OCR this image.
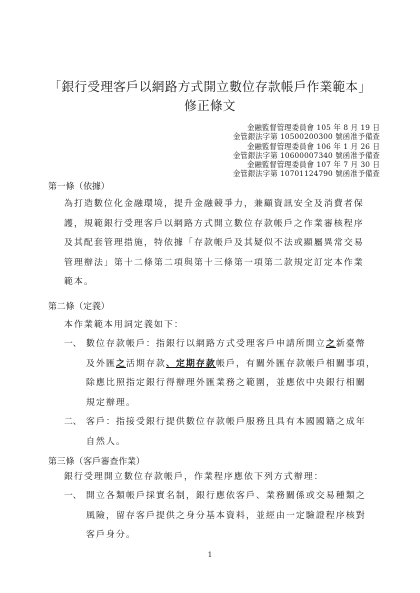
「銀行受理客戶以網路方式開立數位存款帳戶作業範本」
修正條文
金融監督管理委員會 105 年 8 月 19 日
金管銀法字第 10500200300 號函准予備查
金融監督管理委員會 106 年 1 月 26 日
金管銀法字第 10600007340 號函准予備查
金融監督管理委員會 107 年 7 月 30 日
金管銀法字第 10701124790 號函准予備查
第一條（依據）
為打造數位化金融環境，提升金融競爭力，兼顧資訊安全及消費者保
護，規範銀行受理客戶以網路方式開立數位存款帳戶之作業審核程序
及其配套管理措施，特依據「存款帳戶及其疑似不法或顯屬異常交易
管理辦法」第十二條第二項與第十三條第一項第二款規定訂定本作業
範本。
第二條（定義）
本作業範本用詞定義如下：
一、 數位存款帳戶：指銀行以網路方式受理客戶申請所開立之新臺幣
及外匯之活期存款、定期存款帳戶，有關外匯存款帳戶相關事項，
除應比照指定銀行得辦理外匯業務之範圍，並應依中央銀行相關
規定辦理。
二、 客戶：指接受銀行提供數位存款帳戶服務且具有本國國籍之成年
自然人。
第三條（客戶審查作業）
銀行受理開立數位存款帳戶，作業程序應依下列方式辦理：
一、 開立各類帳戶採實名制，銀行應依客戶、業務關係或交易種類之
風險，留存客戶提供之身分基本資料，並經由一定驗證程序核對
客戶身分。
1
